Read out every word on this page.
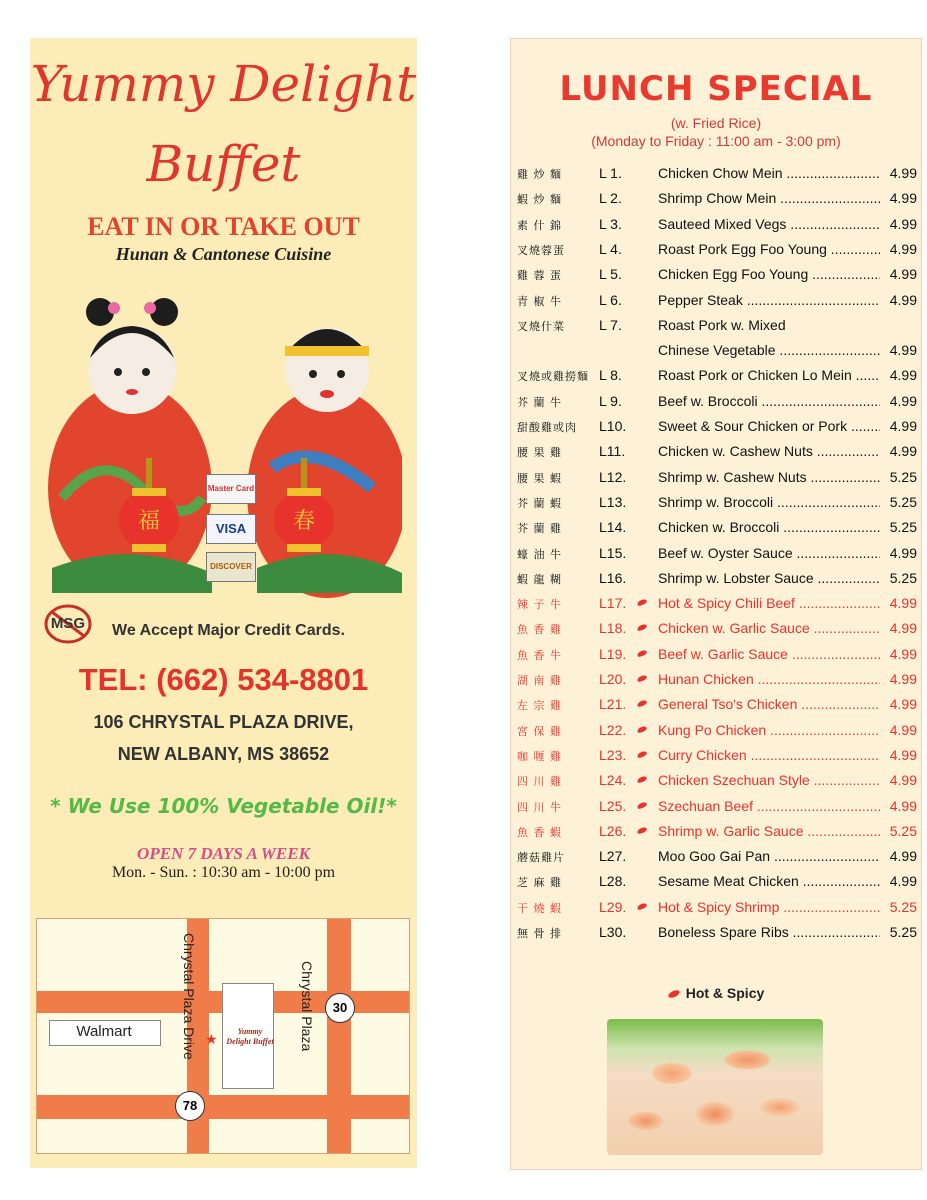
Yummy Delight
Buffet
EAT IN OR TAKE OUT
Hunan & Cantonese Cuisine
福	春
Master Card
VISA
DISCOVER
MSG	We Accept Major Credit Cards.
TEL: (662) 534-8801
106 CHRYSTAL PLAZA DRIVE,
NEW ALBANY, MS 38652
* We Use 100% Vegetable Oil!*
OPEN 7 DAYS A WEEK
Mon. - Sun. : 10:30 am - 10:00 pm
Walmart	Yummy
Delight Buffet
★
Chrystal Plaza Drive	Chrystal Plaza	30
78
LUNCH SPECIAL
(w. Fried Rice)
(Monday to Friday : 11:00 am - 3:00 pm)
雞 炒 麵	L 1.	Chicken Chow Mein .....	4.99
蝦 炒 麵	L 2.	Shrimp Chow Mein .....	4.99
素 什 錦	L 3.	Sauteed Mixed Vegs .....	4.99
叉燒蓉蛋	L 4.	Roast Pork Egg Foo Young .....	4.99
雞 蓉 蛋	L 5.	Chicken Egg Foo Young .....	4.99
青 椒 牛	L 6.	Pepper Steak .....	4.99
叉燒什菜	L 7.	Roast Pork w. Mixed
Chinese Vegetable .....	4.99
叉燒或雞撈麵 L 8.	Roast Pork or Chicken Lo Mein .....	4.99
芥 蘭 牛	L 9.	Beef w. Broccoli .....	4.99
甜酸雞或肉	L10.	Sweet & Sour Chicken or Pork .....	4.99
腰 果 雞	L11.	Chicken w. Cashew Nuts .....	4.99
腰 果 蝦	L12.	Shrimp w. Cashew Nuts .....	5.25
芥 蘭 蝦	L13.	Shrimp w. Broccoli .....	5.25
芥 蘭 雞	L14.	Chicken w. Broccoli .....	5.25
蠔 油 牛	L15.	Beef w. Oyster Sauce .....	4.99
蝦 龍 糊	L16.	Shrimp w. Lobster Sauce .....	5.25
辣 子 牛	L17.	Hot & Spicy Chili Beef .....	4.99
魚 香 雞	L18.	Chicken w. Garlic Sauce .....	4.99
魚 香 牛	L19.	Beef w. Garlic Sauce .....	4.99
湖 南 雞	L20.	Hunan Chicken .....	4.99
左 宗 雞	L21.	General Tso's Chicken .....	4.99
宮 保 雞	L22.	Kung Po Chicken .....	4.99
咖 喱 雞	L23.	Curry Chicken .....	4.99
四 川 雞	L24.	Chicken Szechuan Style .....	4.99
四 川 牛	L25.	Szechuan Beef .....	4.99
魚 香 蝦	L26.	Shrimp w. Garlic Sauce .....	5.25
蘑菇雞片	L27.	Moo Goo Gai Pan .....	4.99
芝 麻 雞	L28.	Sesame Meat Chicken .....	4.99
干 燒 蝦	L29.	Hot & Spicy Shrimp .....	5.25
無 骨 排	L30.	Boneless Spare Ribs .....	5.25
Hot & Spicy
